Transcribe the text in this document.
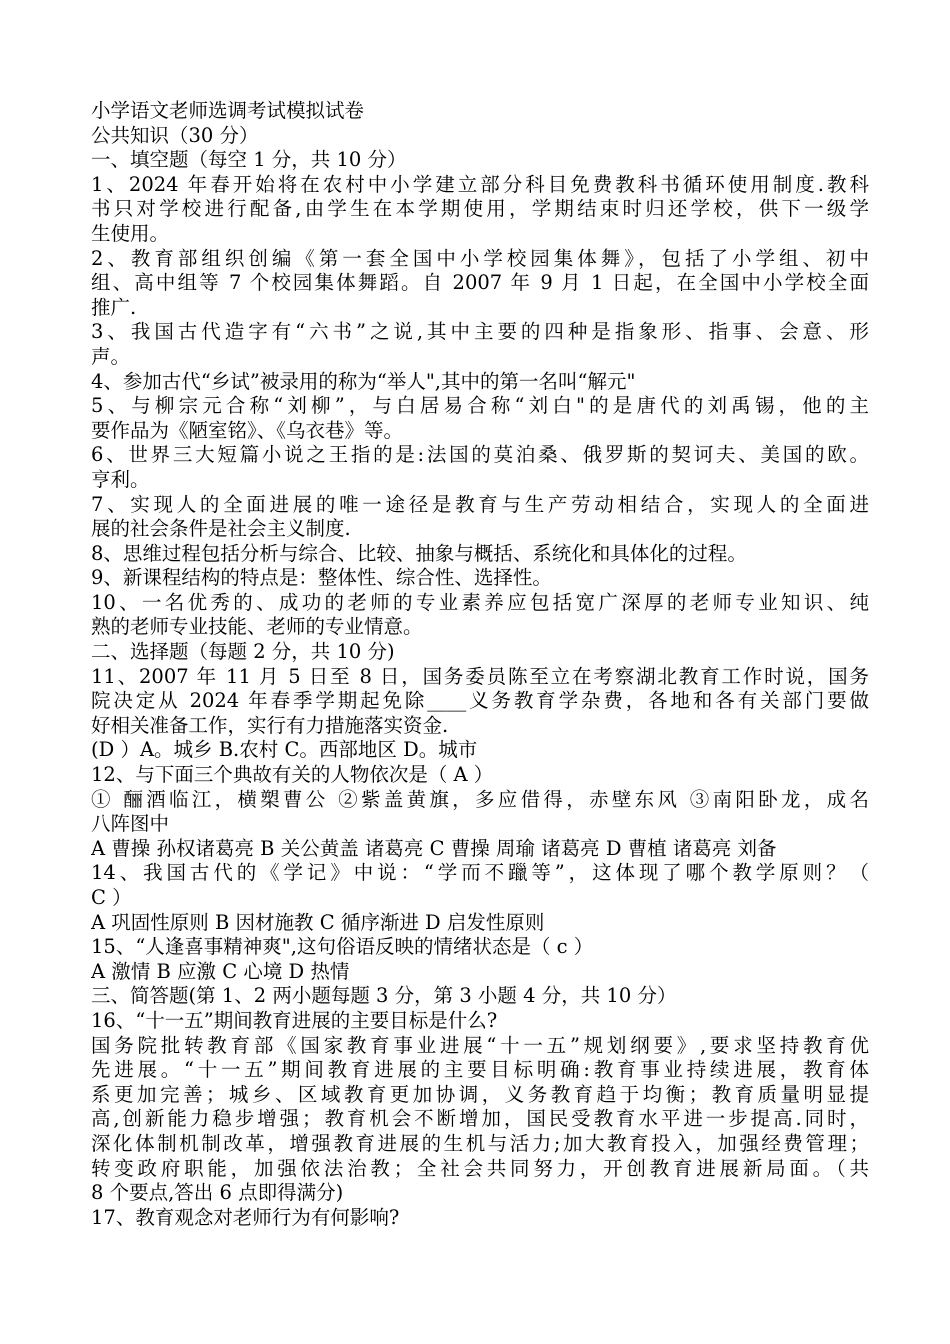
小学语文老师选调考试模拟试卷
公共知识（30 分）
一、填空题（每空 1 分，共 10 分）
1、2024 年春开始将在农村中小学建立部分科目免费教科书循环使用制度.教科
书只对学校进行配备,由学生在本学期使用，学期结束时归还学校，供下一级学
生使用。
2、教育部组织创编《第一套全国中小学校园集体舞》，包括了小学组、初中
组、高中组等 7 个校园集体舞蹈。自 2007 年 9 月 1 日起，在全国中小学校全面
推广.
3、我国古代造字有“六书”之说,其中主要的四种是指象形、指事、会意、形
声。
4、参加古代“乡试”被录用的称为“举人",其中的第一名叫“解元"
5、与柳宗元合称“刘柳”，与白居易合称“刘白"的是唐代的刘禹锡，他的主
要作品为《陋室铭》、《乌衣巷》等。
6、世界三大短篇小说之王指的是:法国的莫泊桑、俄罗斯的契诃夫、美国的欧。
亨利。
7、实现人的全面进展的唯一途径是教育与生产劳动相结合，实现人的全面进
展的社会条件是社会主义制度.
8、思维过程包括分析与综合、比较、抽象与概括、系统化和具体化的过程。
9、新课程结构的特点是：整体性、综合性、选择性。
10、一名优秀的、成功的老师的专业素养应包括宽广深厚的老师专业知识、纯
熟的老师专业技能、老师的专业情意。
二、选择题（每题 2 分，共 10 分)
11、2007 年 11 月 5 日至 8 日，国务委员陈至立在考察湖北教育工作时说，国务
院决定从 2024 年春季学期起免除____义务教育学杂费，各地和各有关部门要做
好相关准备工作，实行有力措施落实资金.
(D ）A。城乡 B.农村 C。西部地区 D。城市
12、与下面三个典故有关的人物依次是（ A ）
① 酾酒临江，横槊曹公 ②紫盖黄旗，多应借得，赤壁东风 ③南阳卧龙，成名
八阵图中
A 曹操 孙权诸葛亮 B 关公黄盖 诸葛亮 C 曹操 周瑜 诸葛亮 D 曹植 诸葛亮 刘备
14、我国古代的《学记》中说：“学而不躐等”，这体现了哪个教学原则？（
C ）
A 巩固性原则 B 因材施教 C 循序渐进 D 启发性原则
15、“人逢喜事精神爽",这句俗语反映的情绪状态是（ c ）
A 激情 B 应激 C 心境 D 热情
三、简答题(第 1、2 两小题每题 3 分，第 3 小题 4 分，共 10 分）
16、“十一五”期间教育进展的主要目标是什么?
国务院批转教育部《国家教育事业进展“十一五”规划纲要》,要求坚持教育优
先进展。“十一五”期间教育进展的主要目标明确:教育事业持续进展，教育体
系更加完善；城乡、区域教育更加协调，义务教育趋于均衡；教育质量明显提
高,创新能力稳步增强；教育机会不断增加，国民受教育水平进一步提高.同时，
深化体制机制改革，增强教育进展的生机与活力;加大教育投入，加强经费管理；
转变政府职能，加强依法治教；全社会共同努力，开创教育进展新局面。（共
8 个要点,答出 6 点即得满分)
17、教育观念对老师行为有何影响?
